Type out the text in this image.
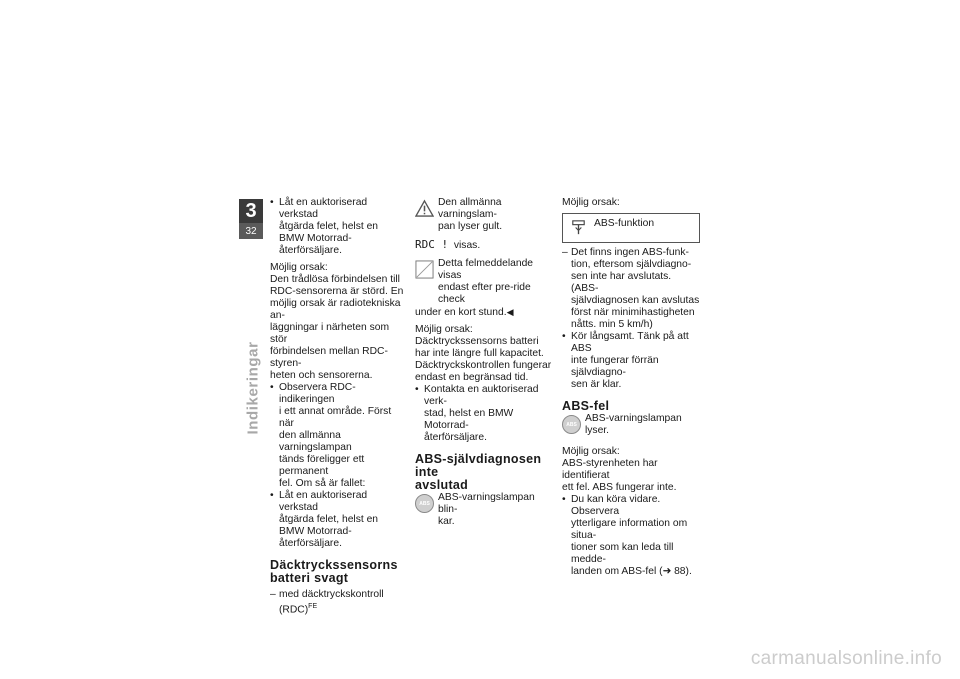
3
32
Indikeringar

• Låt en auktoriserad verkstad
åtgärda felet, helst en
BMW Motorrad-återförsäljare.

Möjlig orsak:

Den trådlösa förbindelsen till
RDC-sensorerna är störd. En
möjlig orsak är radiotekniska an-
läggningar i närheten som stör
förbindelsen mellan RDC-styren-
heten och sensorerna.

• Observera RDC-indikeringen
i ett annat område. Först när
den allmänna varningslampan
tänds föreligger ett permanent
fel. Om så är fallet:

• Låt en auktoriserad verkstad
åtgärda felet, helst en
BMW Motorrad-återförsäljare.

Däcktryckssensorns
batteri svagt

– med däcktryckskontroll
(RDC)$^{FE}$

Den allmänna varningslam-
pan lyser gult.

RDC ! visas.

Detta felmeddelande visas
endast efter pre-ride check

under en kort stund.◀

Möjlig orsak:

Däcktryckssensorns batteri
har inte längre full kapacitet.
Däcktryckskontrollen fungerar
endast en begränsad tid.

• Kontakta en auktoriserad verk-
stad, helst en BMW Motorrad-
återförsäljare.

ABS-självdiagnosen inte
avslutad
ABS

ABS-varningslampan blin-
kar.

Möjlig orsak:

ABS-funktion

– Det finns ingen ABS-funk-
tion, eftersom självdiagno-
sen inte har avslutats. (ABS-
självdiagnosen kan avslutas
först när minimihastigheten
nåtts. min 5 km/h)

• Kör långsamt. Tänk på att ABS
inte fungerar förrän självdiagno-
sen är klar.

ABS-fel
ABS

ABS-varningslampan lyser.

Möjlig orsak:

ABS-styrenheten har identifierat
ett fel. ABS fungerar inte.

• Du kan köra vidare. Observera
ytterligare information om situa-
tioner som kan leda till medde-
landen om ABS-fel (➜ 88).

carmanualsonline.info
